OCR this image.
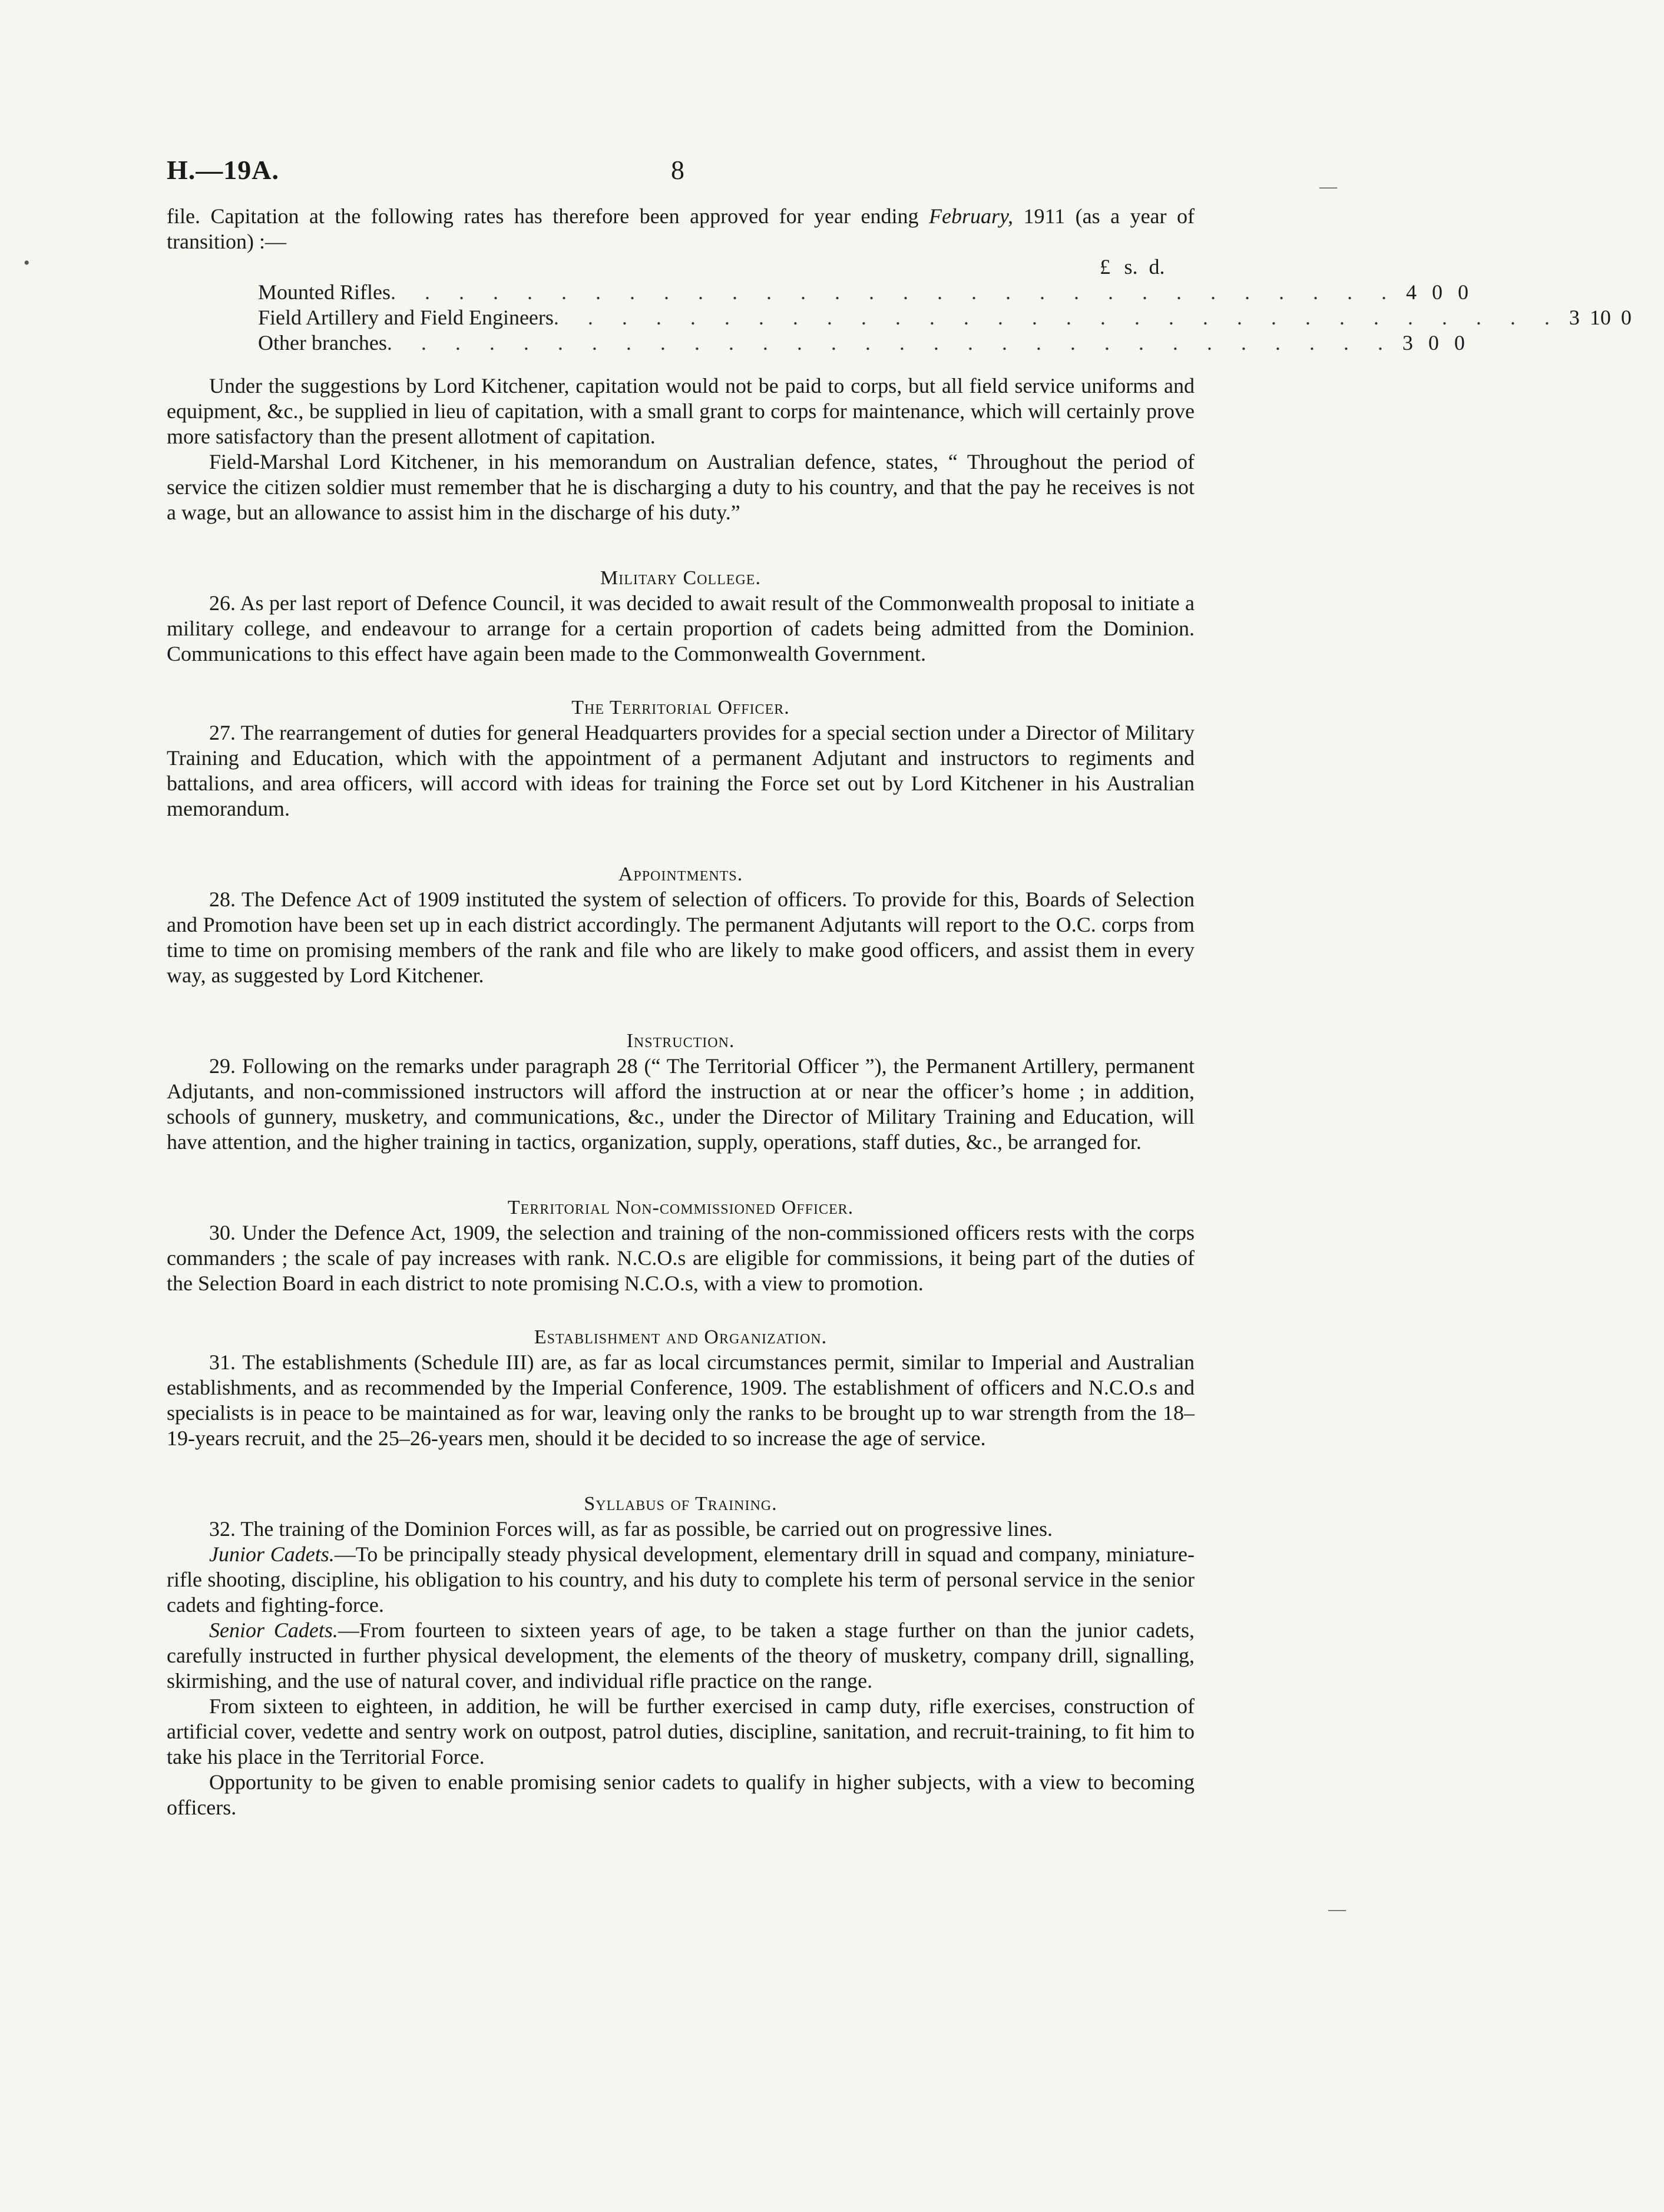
H.—19A.	8

file. Capitation at the following rates has therefore been approved for year ending February, 1911 (as a year of transition) :—

£ s. d.
Mounted Rifles . . . . . . . . . . . . . . . . . . . . . . . . . . . . . . 4 0 0
Field Artillery and Field Engineers . . . . . . . . . . . . . . . . . . . . . . . . . . . . . . 3 10 0
Other branches . . . . . . . . . . . . . . . . . . . . . . . . . . . . . . 3 0 0

Under the suggestions by Lord Kitchener, capitation would not be paid to corps, but all field service uniforms and equipment, &c., be supplied in lieu of capitation, with a small grant to corps for maintenance, which will certainly prove more satisfactory than the present allotment of capitation.

Field-Marshal Lord Kitchener, in his memorandum on Australian defence, states, “ Throughout the period of service the citizen soldier must remember that he is discharging a duty to his country, and that the pay he receives is not a wage, but an allowance to assist him in the discharge of his duty.”

Military College.

26. As per last report of Defence Council, it was decided to await result of the Commonwealth proposal to initiate a military college, and endeavour to arrange for a certain proportion of cadets being admitted from the Dominion. Communications to this effect have again been made to the Commonwealth Government.

The Territorial Officer.

27. The rearrangement of duties for general Headquarters provides for a special section under a Director of Military Training and Education, which with the appointment of a permanent Adjutant and instructors to regiments and battalions, and area officers, will accord with ideas for training the Force set out by Lord Kitchener in his Australian memorandum.

Appointments.

28. The Defence Act of 1909 instituted the system of selection of officers. To provide for this, Boards of Selection and Promotion have been set up in each district accordingly. The permanent Adjutants will report to the O.C. corps from time to time on promising members of the rank and file who are likely to make good officers, and assist them in every way, as suggested by Lord Kitchener.

Instruction.

29. Following on the remarks under paragraph 28 (“ The Territorial Officer ”), the Permanent Artillery, permanent Adjutants, and non-commissioned instructors will afford the instruction at or near the officer’s home ; in addition, schools of gunnery, musketry, and communications, &c., under the Director of Military Training and Education, will have attention, and the higher training in tactics, organization, supply, operations, staff duties, &c., be arranged for.

Territorial Non-commissioned Officer.

30. Under the Defence Act, 1909, the selection and training of the non-commissioned officers rests with the corps commanders ; the scale of pay increases with rank. N.C.O.s are eligible for commissions, it being part of the duties of the Selection Board in each district to note promising N.C.O.s, with a view to promotion.

Establishment and Organization.

31. The establishments (Schedule III) are, as far as local circumstances permit, similar to Imperial and Australian establishments, and as recommended by the Imperial Conference, 1909. The establishment of officers and N.C.O.s and specialists is in peace to be maintained as for war, leaving only the ranks to be brought up to war strength from the 18–19-years recruit, and the 25–26-years men, should it be decided to so increase the age of service.

Syllabus of Training.

32. The training of the Dominion Forces will, as far as possible, be carried out on progressive lines.

Junior Cadets.—To be principally steady physical development, elementary drill in squad and company, miniature-rifle shooting, discipline, his obligation to his country, and his duty to complete his term of personal service in the senior cadets and fighting-force.

Senior Cadets.—From fourteen to sixteen years of age, to be taken a stage further on than the junior cadets, carefully instructed in further physical development, the elements of the theory of musketry, company drill, signalling, skirmishing, and the use of natural cover, and individual rifle practice on the range.

From sixteen to eighteen, in addition, he will be further exercised in camp duty, rifle exercises, construction of artificial cover, vedette and sentry work on outpost, patrol duties, discipline, sanitation, and recruit-training, to fit him to take his place in the Territorial Force.

Opportunity to be given to enable promising senior cadets to qualify in higher subjects, with a view to becoming officers.

•
—
—
